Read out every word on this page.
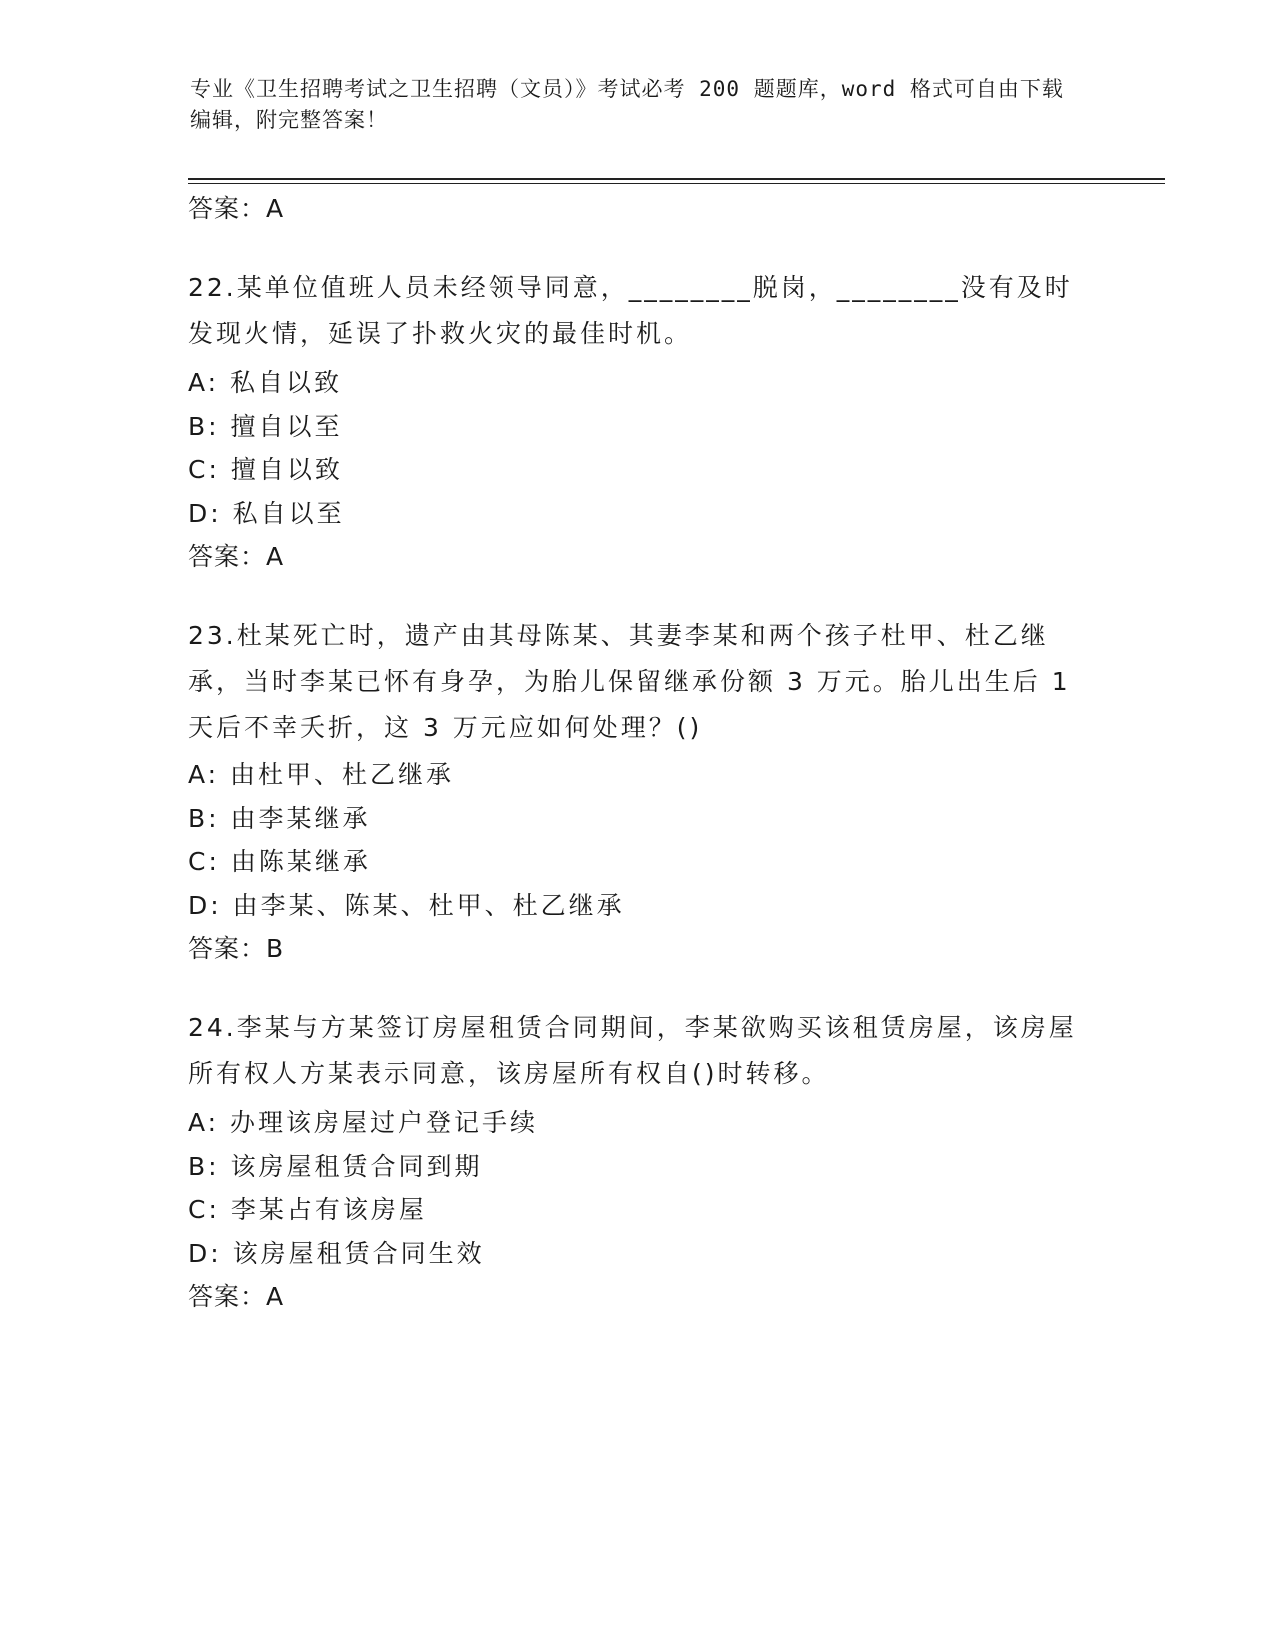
专业《卫生招聘考试之卫生招聘（文员）》考试必考 200 题题库，word 格式可自由下载编辑，附完整答案！
答案：A
22.某单位值班人员未经领导同意，________脱岗，________没有及时发现火情，延误了扑救火灾的最佳时机。
A: 私自以致
B: 擅自以至
C: 擅自以致
D: 私自以至
答案：A
23.杜某死亡时，遗产由其母陈某、其妻李某和两个孩子杜甲、杜乙继承，当时李某已怀有身孕，为胎儿保留继承份额 3 万元。胎儿出生后 1 天后不幸夭折，这 3 万元应如何处理？()
A: 由杜甲、杜乙继承
B: 由李某继承
C: 由陈某继承
D: 由李某、陈某、杜甲、杜乙继承
答案：B
24.李某与方某签订房屋租赁合同期间，李某欲购买该租赁房屋，该房屋所有权人方某表示同意，该房屋所有权自()时转移。
A: 办理该房屋过户登记手续
B: 该房屋租赁合同到期
C: 李某占有该房屋
D: 该房屋租赁合同生效
答案：A
